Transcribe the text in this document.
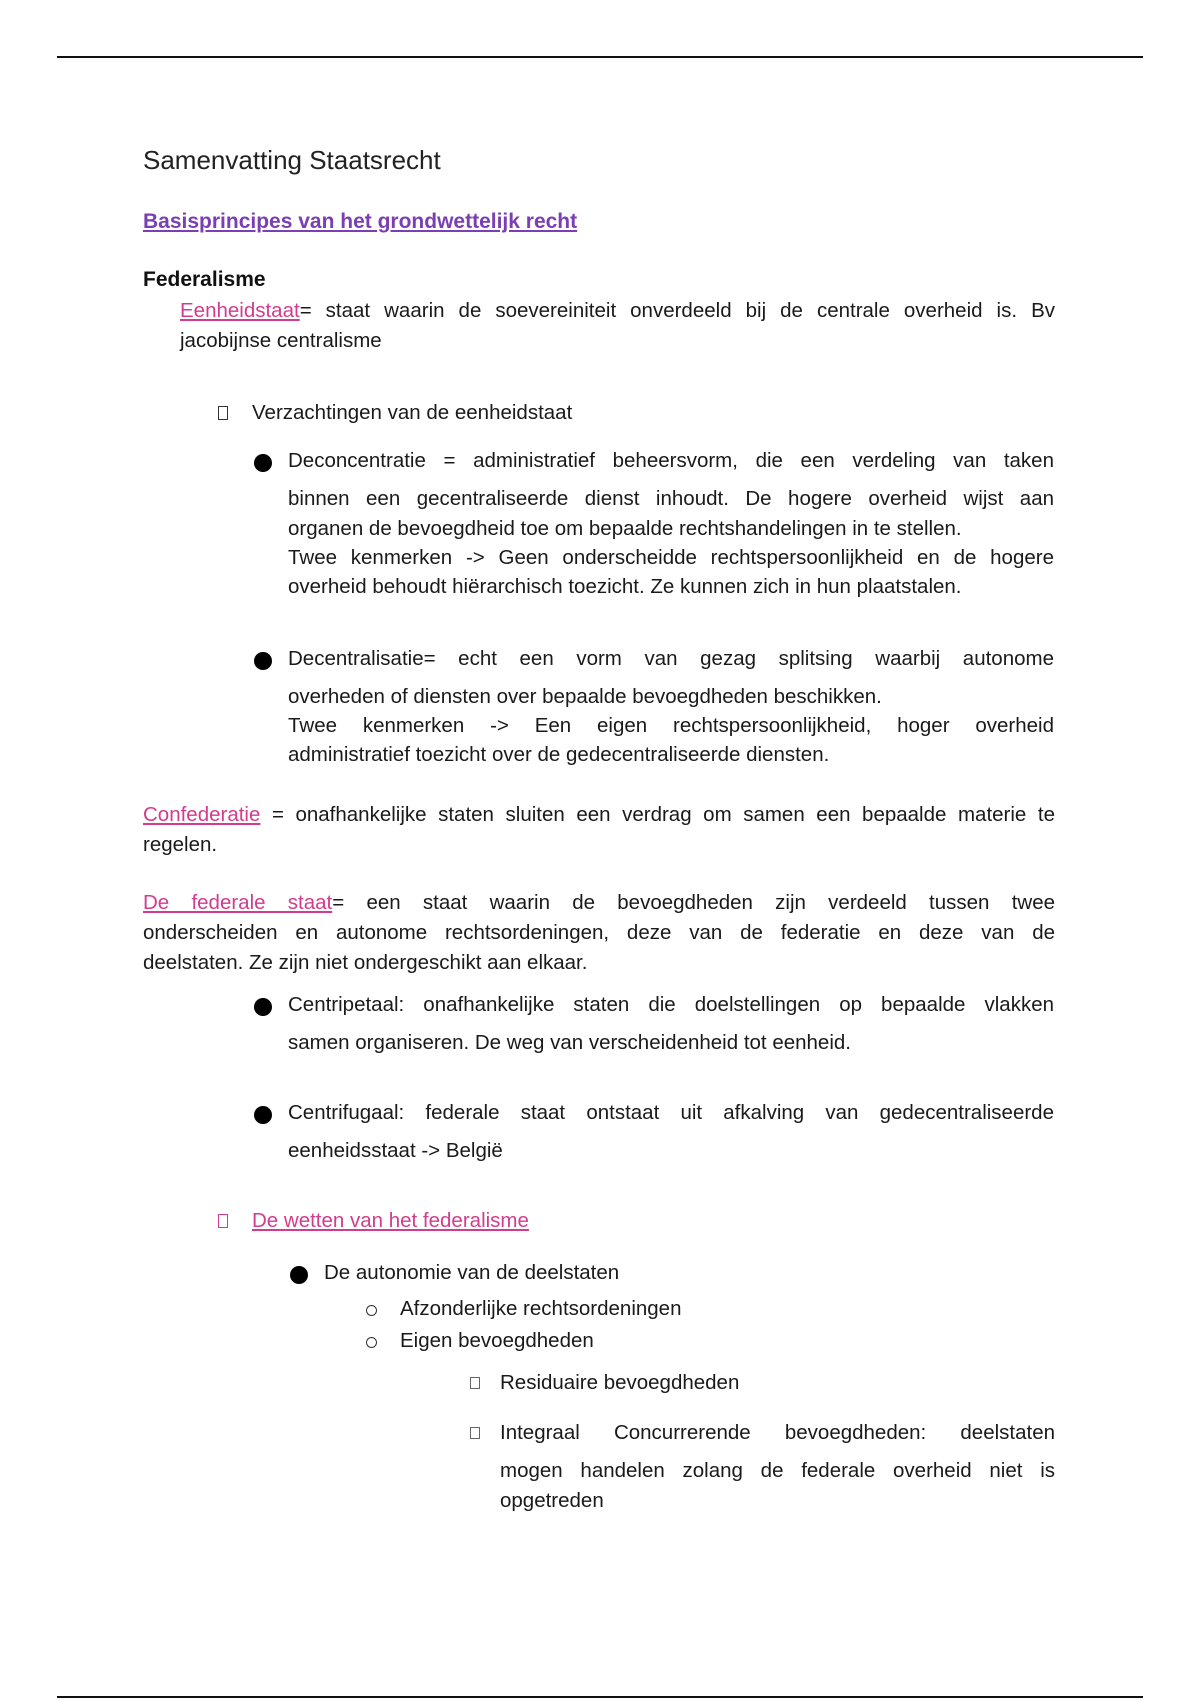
Samenvatting Staatsrecht
Basisprincipes van het grondwettelijk recht
Federalisme
Eenheidstaat= staat waarin de soevereiniteit onverdeeld bij de centrale overheid is. Bv
jacobijnse centralisme
Verzachtingen van de eenheidstaat
Deconcentratie = administratief beheersvorm, die een verdeling van taken
binnen een gecentraliseerde dienst inhoudt. De hogere overheid wijst aan
organen de bevoegdheid toe om bepaalde rechtshandelingen in te stellen.
Twee kenmerken -> Geen onderscheidde rechtspersoonlijkheid en de hogere
overheid behoudt hiërarchisch toezicht. Ze kunnen zich in hun plaatstalen.
Decentralisatie= echt een vorm van gezag splitsing waarbij autonome
overheden of diensten over bepaalde bevoegdheden beschikken.
Twee kenmerken -> Een eigen rechtspersoonlijkheid, hoger overheid
administratief toezicht over de gedecentraliseerde diensten.
Confederatie = onafhankelijke staten sluiten een verdrag om samen een bepaalde materie te
regelen.
De federale staat= een staat waarin de bevoegdheden zijn verdeeld tussen twee
onderscheiden en autonome rechtsordeningen, deze van de federatie en deze van de
deelstaten. Ze zijn niet ondergeschikt aan elkaar.
Centripetaal: onafhankelijke staten die doelstellingen op bepaalde vlakken
samen organiseren. De weg van verscheidenheid tot eenheid.
Centrifugaal: federale staat ontstaat uit afkalving van gedecentraliseerde
eenheidsstaat -> België
De wetten van het federalisme
De autonomie van de deelstaten
Afzonderlijke rechtsordeningen
Eigen bevoegdheden
Residuaire bevoegdheden
Integraal Concurrerende bevoegdheden: deelstaten
mogen handelen zolang de federale overheid niet is
opgetreden
